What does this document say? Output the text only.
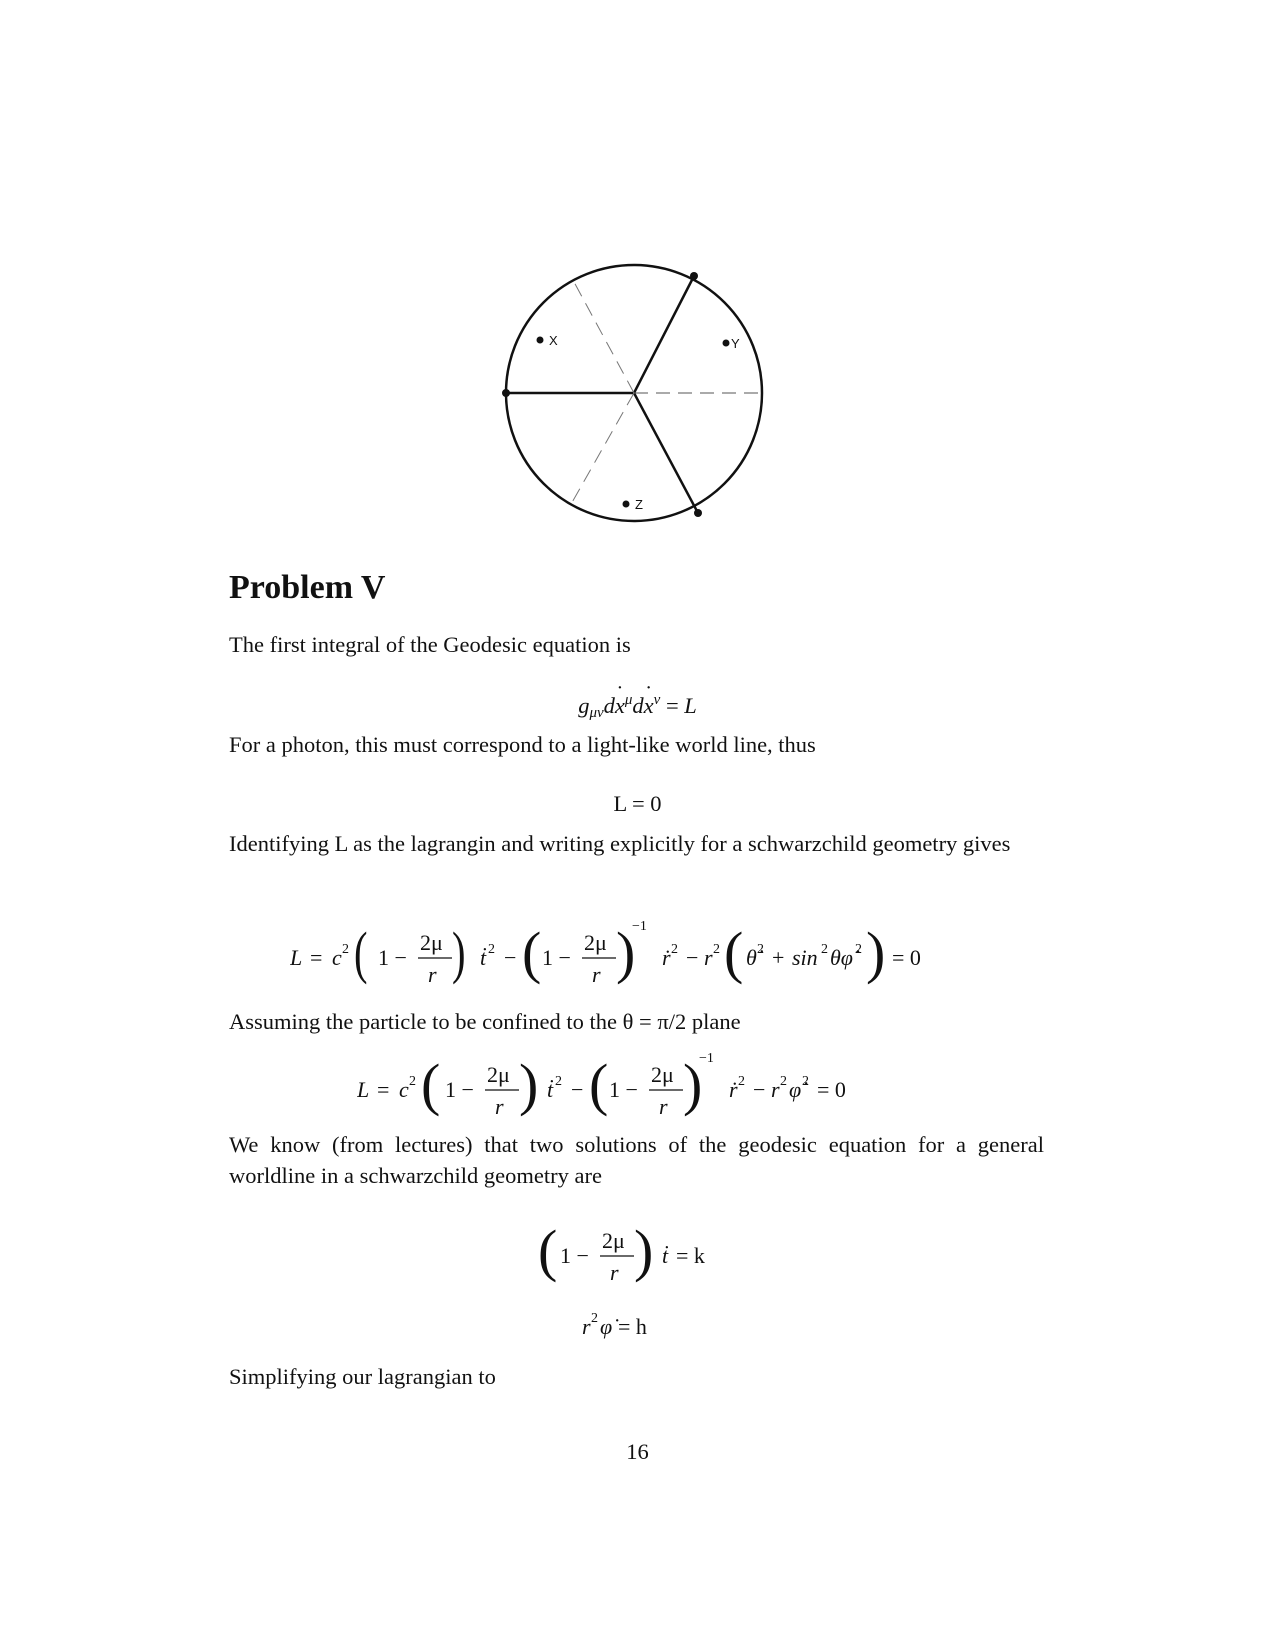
X	Y
Z
Problem V
The first integral of the Geodesic equation is
$g_{\mu\nu}dx$ ˙$^\mu$dx ˙$^\nu$ = L
For a photon, this must correspond to a light-like world line, thus
L = 0
Identifying L as the lagrangin and writing explicitly for a schwarzchild geometry gives
L = c 2 ( 1 −
2μ
r ) ṫ 2 − ( 1 −
2μ
r )
−1
ṙ 2 − r 2 ( θ̇ 2 + sin 2 θφ̇ 2 ) = 0
Assuming the particle to be confined to the θ = π/2 plane
L = c 2 ( 1 −
2μ
r ) ṫ 2 − ( 1 −
2μ
r )
−1
ṙ 2 − r 2 φ̇ 2 = 0
We know (from lectures) that two solutions of the geodesic equation for a general worldline in a schwarzchild geometry are
( 1 −
2μ
r ) ṫ = k
r 2 φ̇ = h
Simplifying our lagrangian to
16
